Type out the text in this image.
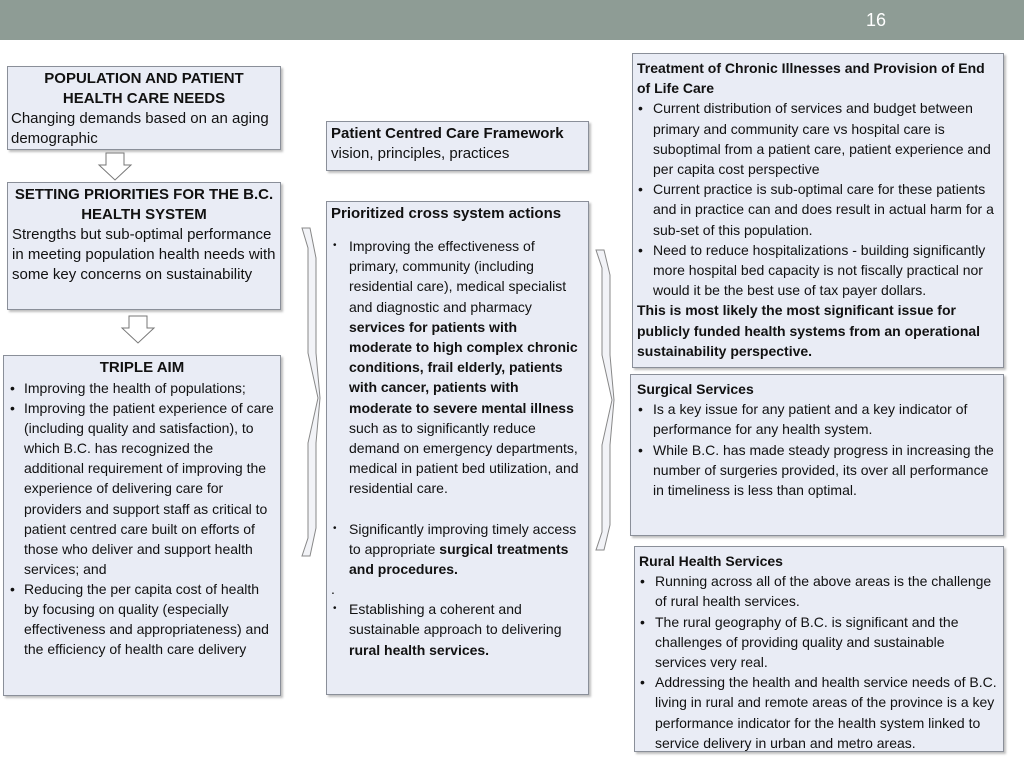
16
POPULATION AND PATIENT
HEALTH CARE NEEDS
Changing demands based on an aging demographic
SETTING PRIORITIES FOR THE B.C.
HEALTH SYSTEM
Strengths but sub-optimal performance in meeting population health needs with some key concerns on sustainability
TRIPLE AIM
• Improving the health of populations;
• Improving the patient experience of care (including quality and satisfaction), to which B.C. has recognized the additional requirement of improving the experience of delivering care for providers and support staff as critical to patient centred care built on efforts of those who deliver and support health services; and
• Reducing the per capita cost of health by focusing on quality (especially effectiveness and appropriateness) and the efficiency of health care delivery
Patient Centred Care Framework
vision, principles, practices
Prioritized cross system actions
• Improving the effectiveness of primary, community (including residential care), medical specialist and diagnostic and pharmacy services for patients with moderate to high complex chronic conditions, frail elderly, patients with cancer, patients with moderate to severe mental illness such as to significantly reduce demand on emergency departments, medical in patient bed utilization, and residential care.
• Significantly improving timely access to appropriate surgical treatments and procedures.
.
• Establishing a coherent and sustainable approach to delivering rural health services.
Treatment of Chronic Illnesses and Provision of End of Life Care
• Current distribution of services and budget between primary and community care vs hospital care is suboptimal from a patient care, patient experience and per capita cost perspective
• Current practice is sub-optimal care for these patients and in practice can and does result in actual harm for a sub-set of this population.
• Need to reduce hospitalizations - building significantly more hospital bed capacity is not fiscally practical nor would it be the best use of tax payer dollars.
This is most likely the most significant issue for publicly funded health systems from an operational sustainability perspective.
Surgical Services
• Is a key issue for any patient and a key indicator of performance for any health system.
• While B.C. has made steady progress in increasing the number of surgeries provided, its over all performance in timeliness is less than optimal.
Rural Health Services
• Running across all of the above areas is the challenge of rural health services.
• The rural geography of B.C. is significant and the challenges of providing quality and sustainable services very real.
• Addressing the health and health service needs of B.C. living in rural and remote areas of the province is a key performance indicator for the health system linked to service delivery in urban and metro areas.
